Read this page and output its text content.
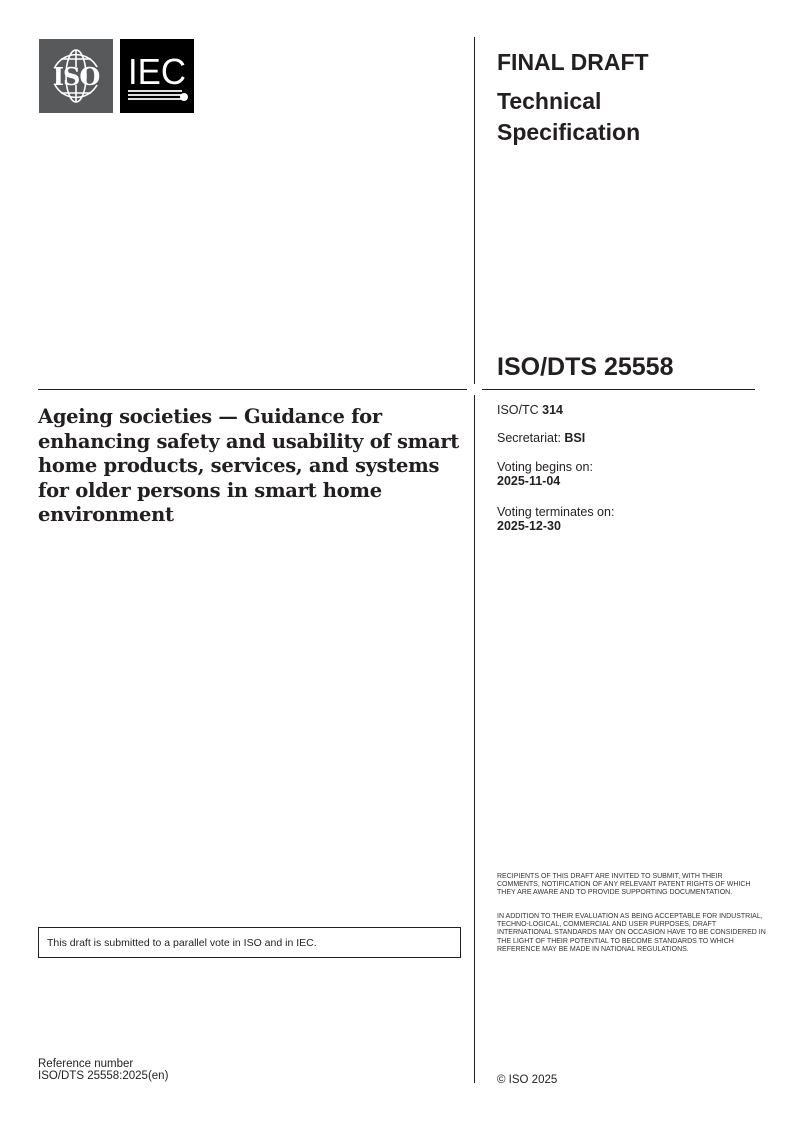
ISO IEC	FINAL DRAFT
Technical
Specification
ISO/DTS 25558
Ageing societies — Guidance for enhancing safety and usability of smart home products, services, and systems for older persons in smart home environment
ISO/TC 314
Secretariat: BSI
Voting begins on:
2025-11-04
Voting terminates on:
2025-12-30
RECIPIENTS OF THIS DRAFT ARE INVITED TO SUBMIT, WITH THEIR COMMENTS, NOTIFICATION OF ANY RELEVANT PATENT RIGHTS OF WHICH THEY ARE AWARE AND TO PROVIDE SUPPORTING DOCUMENTATION.
IN ADDITION TO THEIR EVALUATION AS BEING ACCEPTABLE FOR INDUSTRIAL, TECHNO-LOGICAL, COMMERCIAL AND USER PURPOSES, DRAFT INTERNATIONAL STANDARDS MAY ON OCCASION HAVE TO BE CONSIDERED IN THE LIGHT OF THEIR POTENTIAL TO BECOME STANDARDS TO WHICH REFERENCE MAY BE MADE IN NATIONAL REGULATIONS.
This draft is submitted to a parallel vote in ISO and in IEC.
Reference number
ISO/DTS 25558:2025(en)	© ISO 2025
